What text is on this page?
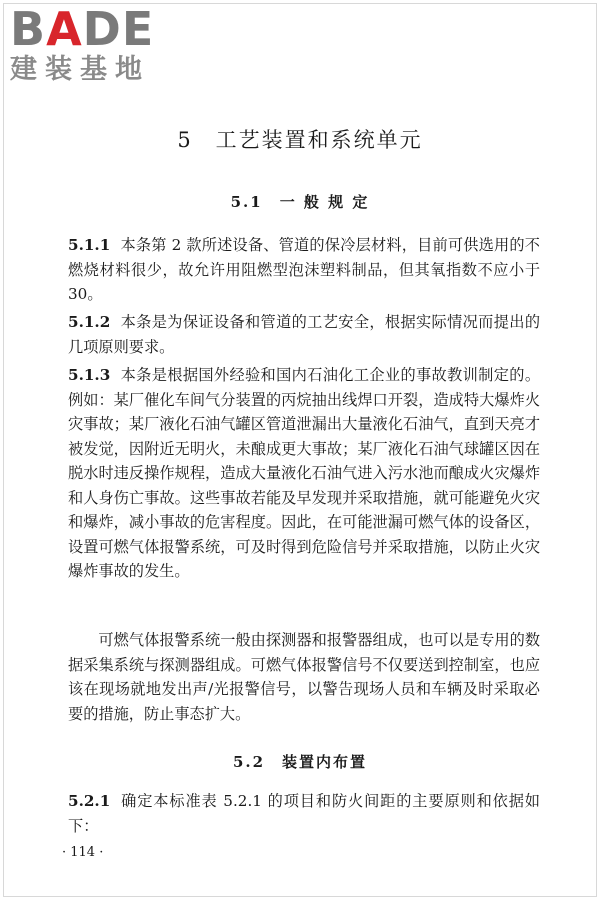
BADE
建装基地
5　工艺装置和系统单元
5.1　一 般 规 定

5.1.1 本条第 2 款所述设备、管道的保冷层材料，目前可供选用的不燃烧材料很少，故允许用阻燃型泡沫塑料制品，但其氧指数不应小于 30。

5.1.2 本条是为保证设备和管道的工艺安全，根据实际情况而提出的几项原则要求。

5.1.3 本条是根据国外经验和国内石油化工企业的事故教训制定的。例如：某厂催化车间气分装置的丙烷抽出线焊口开裂，造成特大爆炸火灾事故；某厂液化石油气罐区管道泄漏出大量液化石油气，直到天亮才被发觉，因附近无明火，未酿成更大事故；某厂液化石油气球罐区因在脱水时违反操作规程，造成大量液化石油气进入污水池而酿成火灾爆炸和人身伤亡事故。这些事故若能及早发现并采取措施，就可能避免火灾和爆炸，减小事故的危害程度。因此，在可能泄漏可燃气体的设备区，设置可燃气体报警系统，可及时得到危险信号并采取措施，以防止火灾爆炸事故的发生。

可燃气体报警系统一般由探测器和报警器组成，也可以是专用的数据采集系统与探测器组成。可燃气体报警信号不仅要送到控制室，也应该在现场就地发出声/光报警信号，以警告现场人员和车辆及时采取必要的措施，防止事态扩大。

5.2　装置内布置

5.2.1 确定本标准表 5.2.1 的项目和防火间距的主要原则和依据如下：

· 114 ·
